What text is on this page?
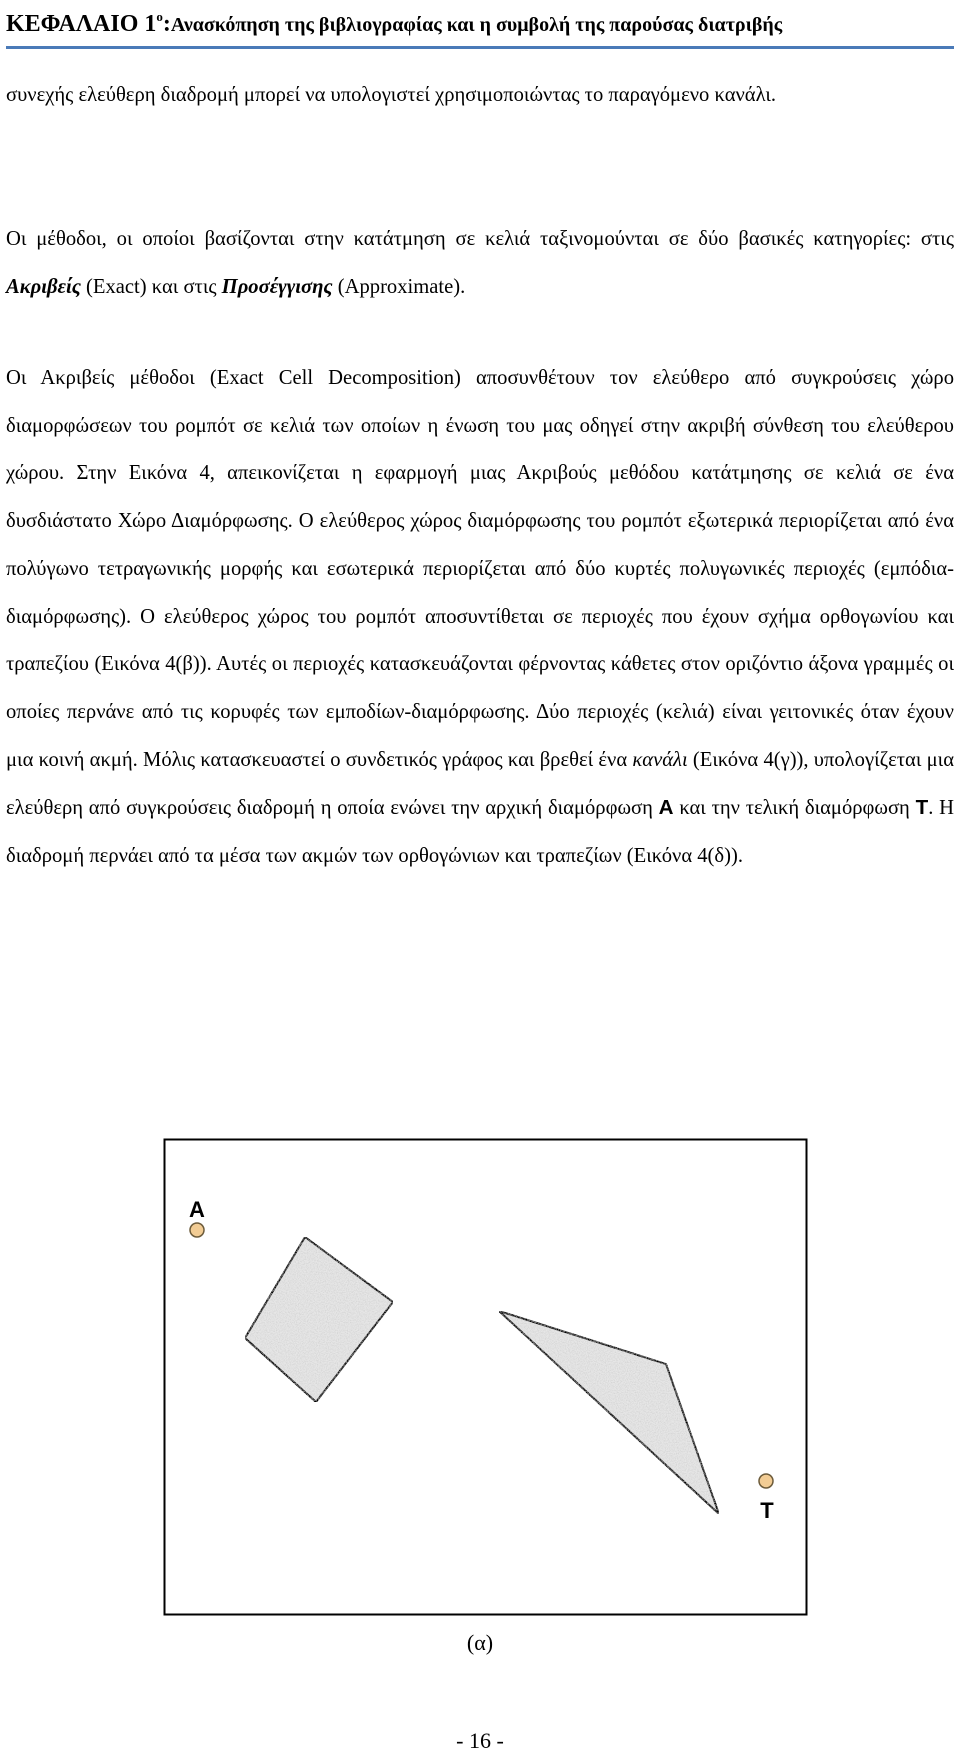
ΚΕΦΑΛΑΙΟ $1^o:A\nu\alpha\sigma\kappa ό\pi\eta\sigma\eta$ της βιβλιογραφίας και η συμβολή της παρούσας διατριβής
συνεχής ελεύθερη διαδρομή μπορεί να υπολογιστεί χρησιμοποιώντας το παραγόμενο κανάλι.
Οι μέθοδοι, οι οποίοι βασίζονται στην κατάτμηση σε κελιά ταξινομούνται σε δύο βασικές κατηγορίες: στις Ακριβείς (Exact) και στις Προσέγγισης (Approximate).
Οι Ακριβείς μέθοδοι (Exact Cell Decomposition) αποσυνθέτουν τον ελεύθερο από συγκρούσεις χώρο διαμορφώσεων του ρομπότ σε κελιά των οποίων η ένωση του μας οδηγεί στην ακριβή σύνθεση του ελεύθερου χώρου. Στην Εικόνα 4, απεικονίζεται η εφαρμογή μιας Ακριβούς μεθόδου κατάτμησης σε κελιά σε ένα δυσδιάστατο Χώρο Διαμόρφωσης. Ο ελεύθερος χώρος διαμόρφωσης του ρομπότ εξωτερικά περιορίζεται από ένα πολύγωνο τετραγωνικής μορφής και εσωτερικά περιορίζεται από δύο κυρτές πολυγωνικές περιοχές (εμπόδια-διαμόρφωσης). Ο ελεύθερος χώρος του ρομπότ αποσυντίθεται σε περιοχές που έχουν σχήμα ορθογωνίου και τραπεζίου (Εικόνα 4(β)). Αυτές οι περιοχές κατασκευάζονται φέρνοντας κάθετες στον οριζόντιο άξονα γραμμές οι οποίες περνάνε από τις κορυφές των εμποδίων-διαμόρφωσης. Δύο περιοχές (κελιά) είναι γειτονικές όταν έχουν μια κοινή ακμή. Μόλις κατασκευαστεί ο συνδετικός γράφος και βρεθεί ένα κανάλι (Εικόνα 4(γ)), υπολογίζεται μια ελεύθερη από συγκρούσεις διαδρομή η οποία ενώνει την αρχική διαμόρφωση A και την τελική διαμόρφωση T. Η διαδρομή περνάει από τα μέσα των ακμών των ορθογώνιων και τραπεζίων (Εικόνα 4(δ)).
A
T
(α)
- 16 -
